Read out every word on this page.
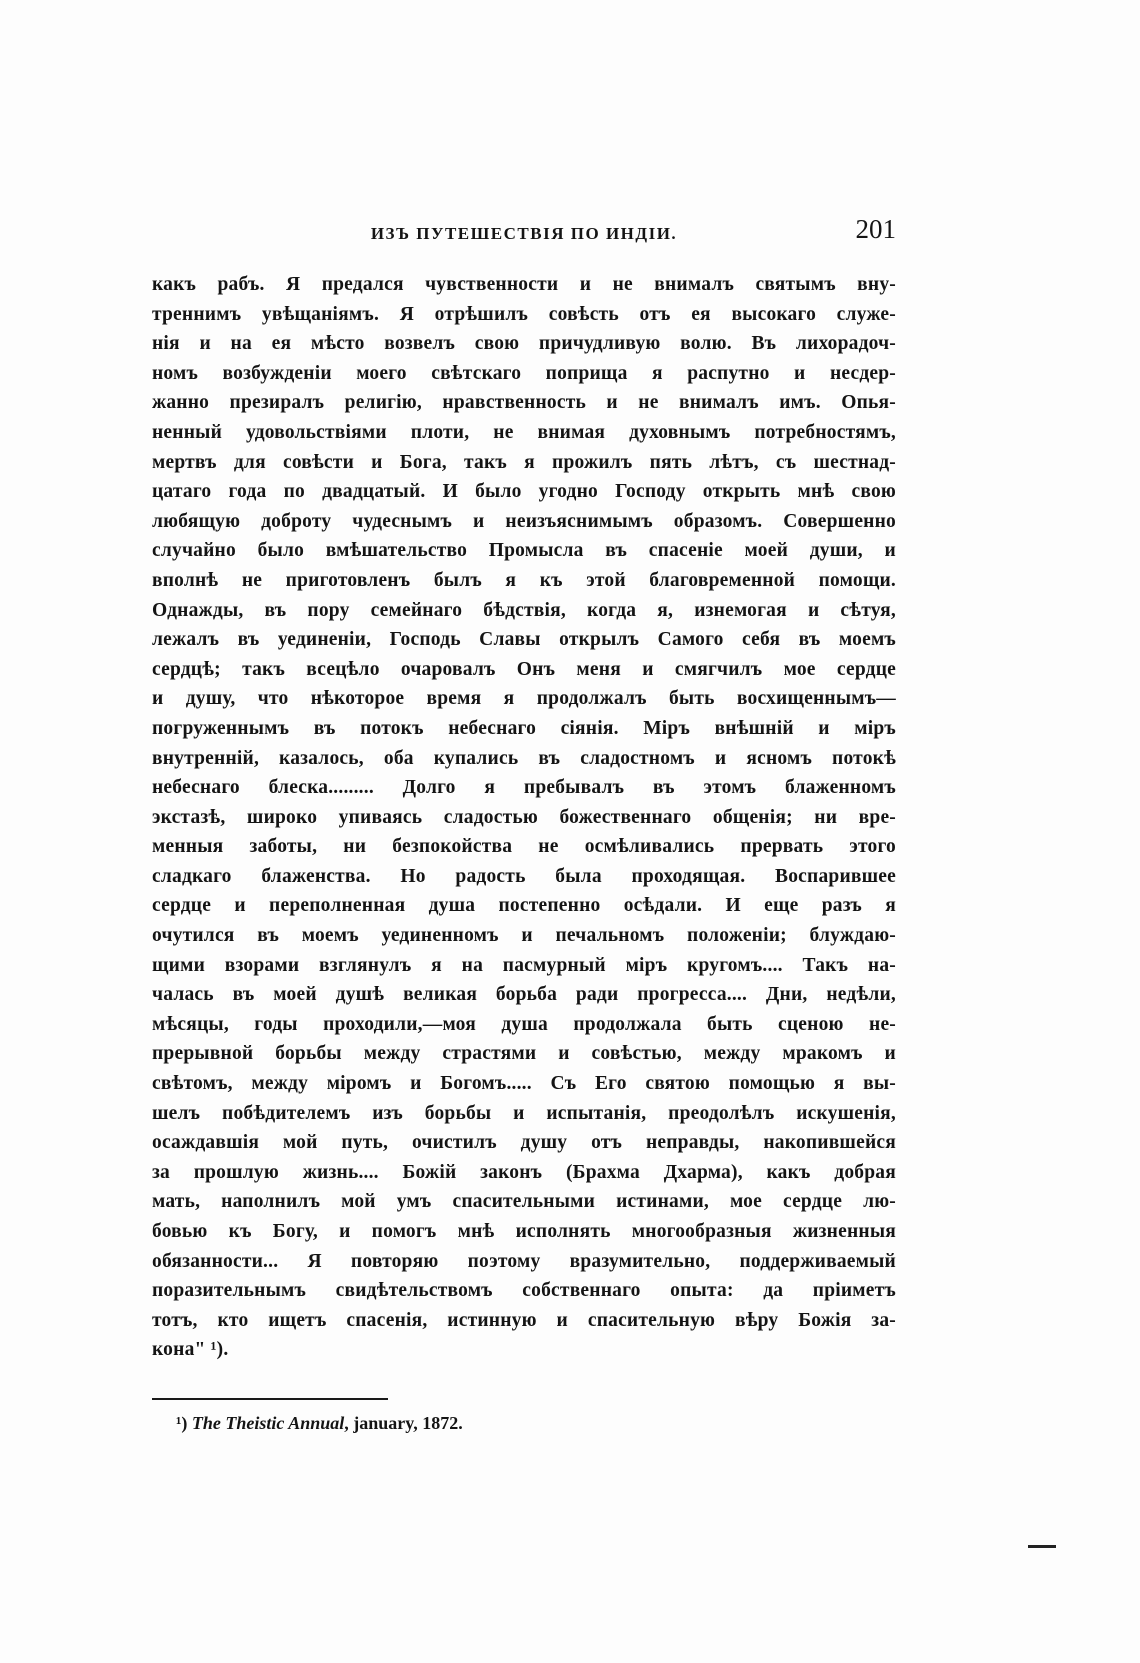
ИЗЪ ПУТЕШЕСТВІЯ ПО ИНДІИ.	201
какъ рабъ. Я предался чувственности и не внималъ святымъ вну-
треннимъ увѣщаніямъ. Я отрѣшилъ совѣсть отъ ея высокаго служе-
нія и на ея мѣсто возвелъ свою причудливую волю. Въ лихорадоч-
номъ возбужденіи моего свѣтскаго поприща я распутно и несдер-
жанно презиралъ религію, нравственность и не внималъ имъ. Опья-
ненный удовольствіями плоти, не внимая духовнымъ потребностямъ,
мертвъ для совѣсти и Бога, такъ я прожилъ пять лѣтъ, съ шестнад-
цатаго года по двадцатый. И было угодно Господу открыть мнѣ свою
любящую доброту чудеснымъ и неизъяснимымъ образомъ. Совершенно
случайно было вмѣшательство Промысла въ спасеніе моей души, и
вполнѣ не приготовленъ былъ я къ этой благовременной помощи.
Однажды, въ пору семейнаго бѣдствія, когда я, изнемогая и сѣтуя,
лежалъ въ уединеніи, Господь Славы открылъ Самого себя въ моемъ
сердцѣ; такъ всецѣло очаровалъ Онъ меня и смягчилъ мое сердце
и душу, что нѣкоторое время я продолжалъ быть восхищеннымъ—
погруженнымъ въ потокъ небеснаго сіянія. Міръ внѣшній и міръ
внутренній, казалось, оба купались въ сладостномъ и ясномъ потокѣ
небеснаго блеска......... Долго я пребывалъ въ этомъ блаженномъ
экстазѣ, широко упиваясь сладостью божественнаго общенія; ни вре-
менныя заботы, ни безпокойства не осмѣливались прервать этого
сладкаго блаженства. Но радость была проходящая. Воспарившее
сердце и переполненная душа постепенно осѣдали. И еще разъ я
очутился въ моемъ уединенномъ и печальномъ положеніи; блуждаю-
щими взорами взглянулъ я на пасмурный міръ кругомъ.... Такъ на-
чалась въ моей душѣ великая борьба ради прогресса.... Дни, недѣли,
мѣсяцы, годы проходили,—моя душа продолжала быть сценою не-
прерывной борьбы между страстями и совѣстью, между мракомъ и
свѣтомъ, между міромъ и Богомъ..... Съ Его святою помощью я вы-
шелъ побѣдителемъ изъ борьбы и испытанія, преодолѣлъ искушенія,
осаждавшія мой путь, очистилъ душу отъ неправды, накопившейся
за прошлую жизнь.... Божій законъ (Брахма Дхарма), какъ добрая
мать, наполнилъ мой умъ спасительными истинами, мое сердце лю-
бовью къ Богу, и помогъ мнѣ исполнять многообразныя жизненныя
обязанности... Я повторяю поэтому вразумительно, поддерживаемый
поразительнымъ свидѣтельствомъ собственнаго опыта: да пріиметъ
тотъ, кто ищетъ спасенія, истинную и спасительную вѣру Божія за-
кона" ¹).
¹) The Theistic Annual, january, 1872.
